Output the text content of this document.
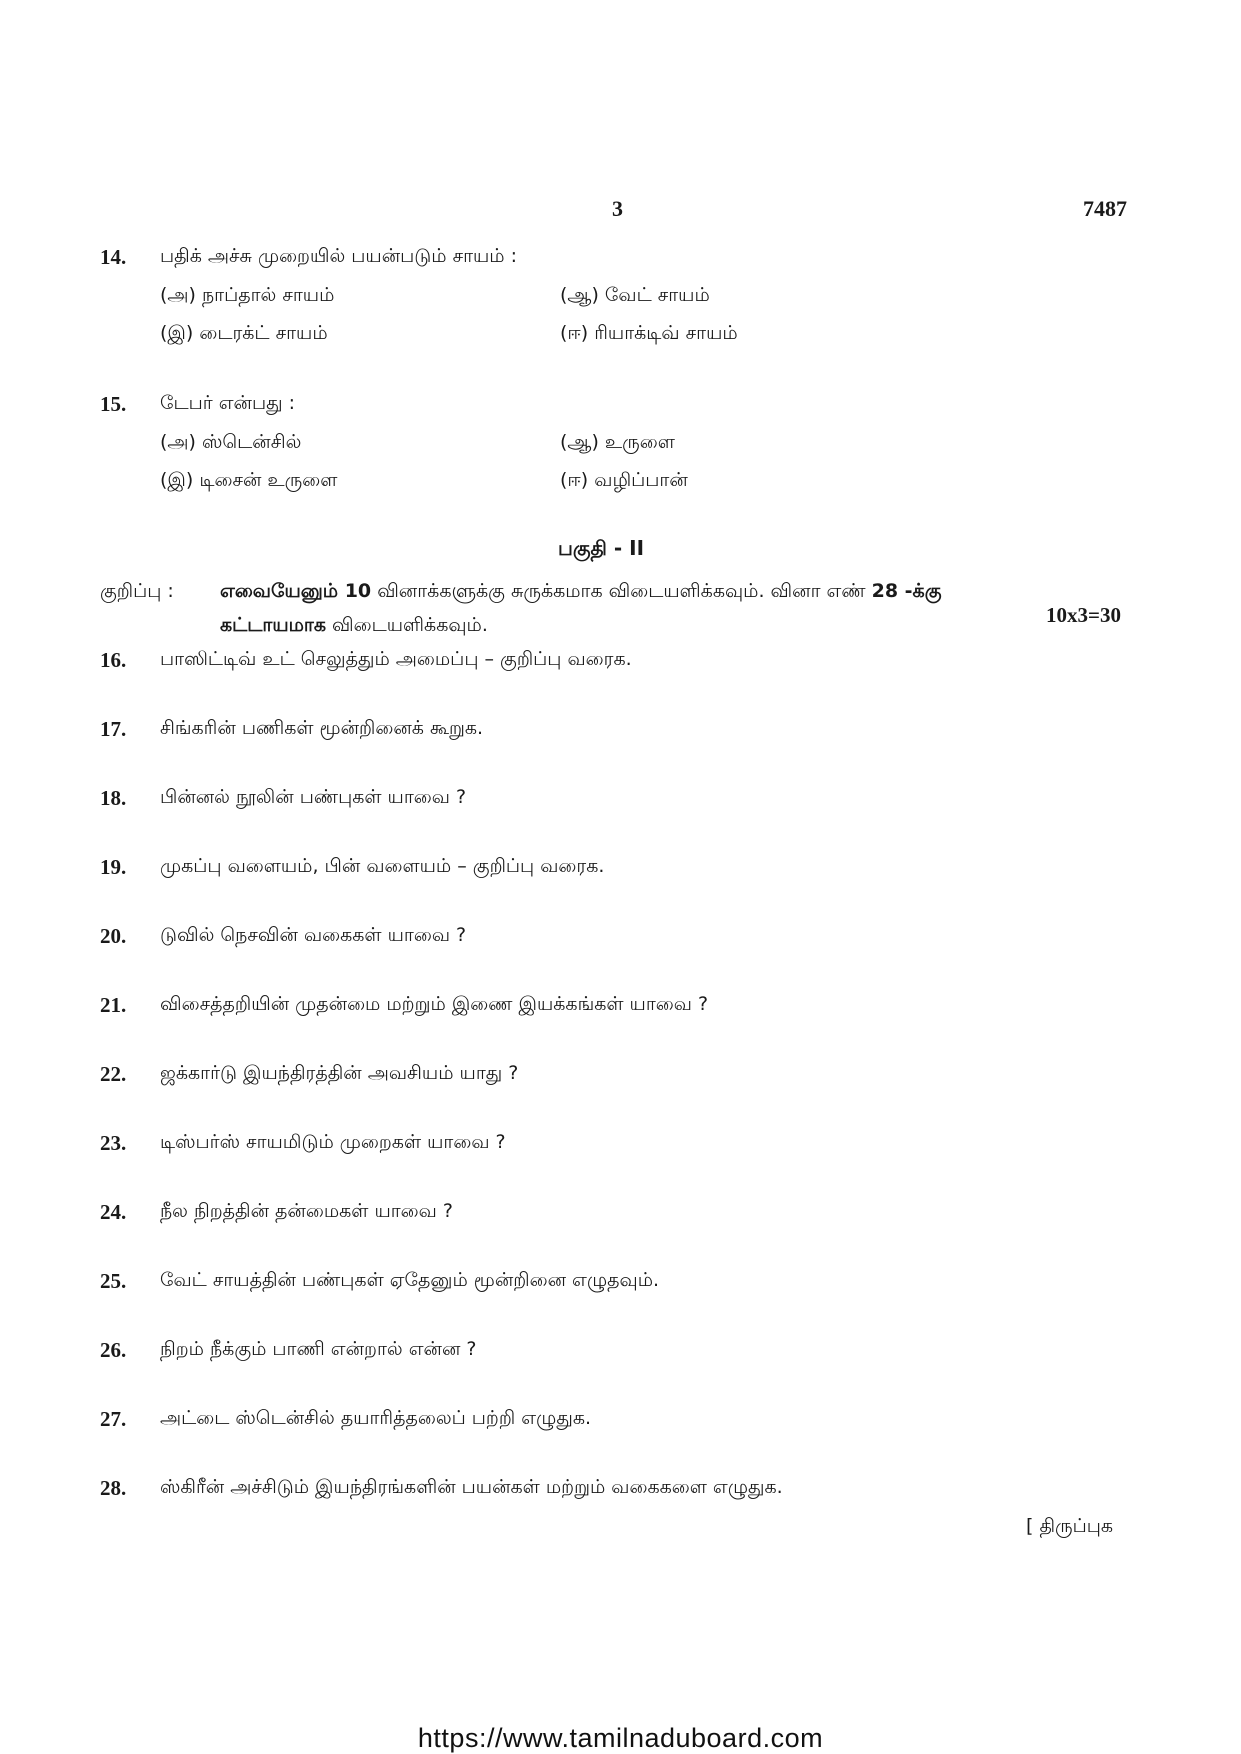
3	7487
14. பதிக் அச்சு முறையில் பயன்படும் சாயம் :
(அ) நாப்தால் சாயம்	(ஆ) வேட் சாயம்
(இ) டைரக்ட் சாயம்	(ஈ) ரியாக்டிவ் சாயம்
15. டேபர் என்பது :
(அ) ஸ்டென்சில்	(ஆ) உருளை
(இ) டிசைன் உருளை	(ஈ) வழிப்பான்
பகுதி - II
குறிப்பு : எவையேனும் 10 வினாக்களுக்கு சுருக்கமாக விடையளிக்கவும். வினா எண் 28 -க்கு
கட்டாயமாக விடையளிக்கவும்.	10x3=30
16. பாஸிட்டிவ் உட் செலுத்தும் அமைப்பு – குறிப்பு வரைக.
17. சிங்கரின் பணிகள் மூன்றினைக் கூறுக.
18. பின்னல் நூலின் பண்புகள் யாவை ?
19. முகப்பு வளையம், பின் வளையம் – குறிப்பு வரைக.
20. டுவில் நெசவின் வகைகள் யாவை ?
21. விசைத்தறியின் முதன்மை மற்றும் இணை இயக்கங்கள் யாவை ?
22. ஜக்கார்டு இயந்திரத்தின் அவசியம் யாது ?
23. டிஸ்பர்ஸ் சாயமிடும் முறைகள் யாவை ?
24. நீல நிறத்தின் தன்மைகள் யாவை ?
25. வேட் சாயத்தின் பண்புகள் ஏதேனும் மூன்றினை எழுதவும்.
26. நிறம் நீக்கும் பாணி என்றால் என்ன ?
27. அட்டை ஸ்டென்சில் தயாரித்தலைப் பற்றி எழுதுக.
28. ஸ்கிரீன் அச்சிடும் இயந்திரங்களின் பயன்கள் மற்றும் வகைகளை எழுதுக.
[ திருப்புக
https://www.tamilnaduboard.com
